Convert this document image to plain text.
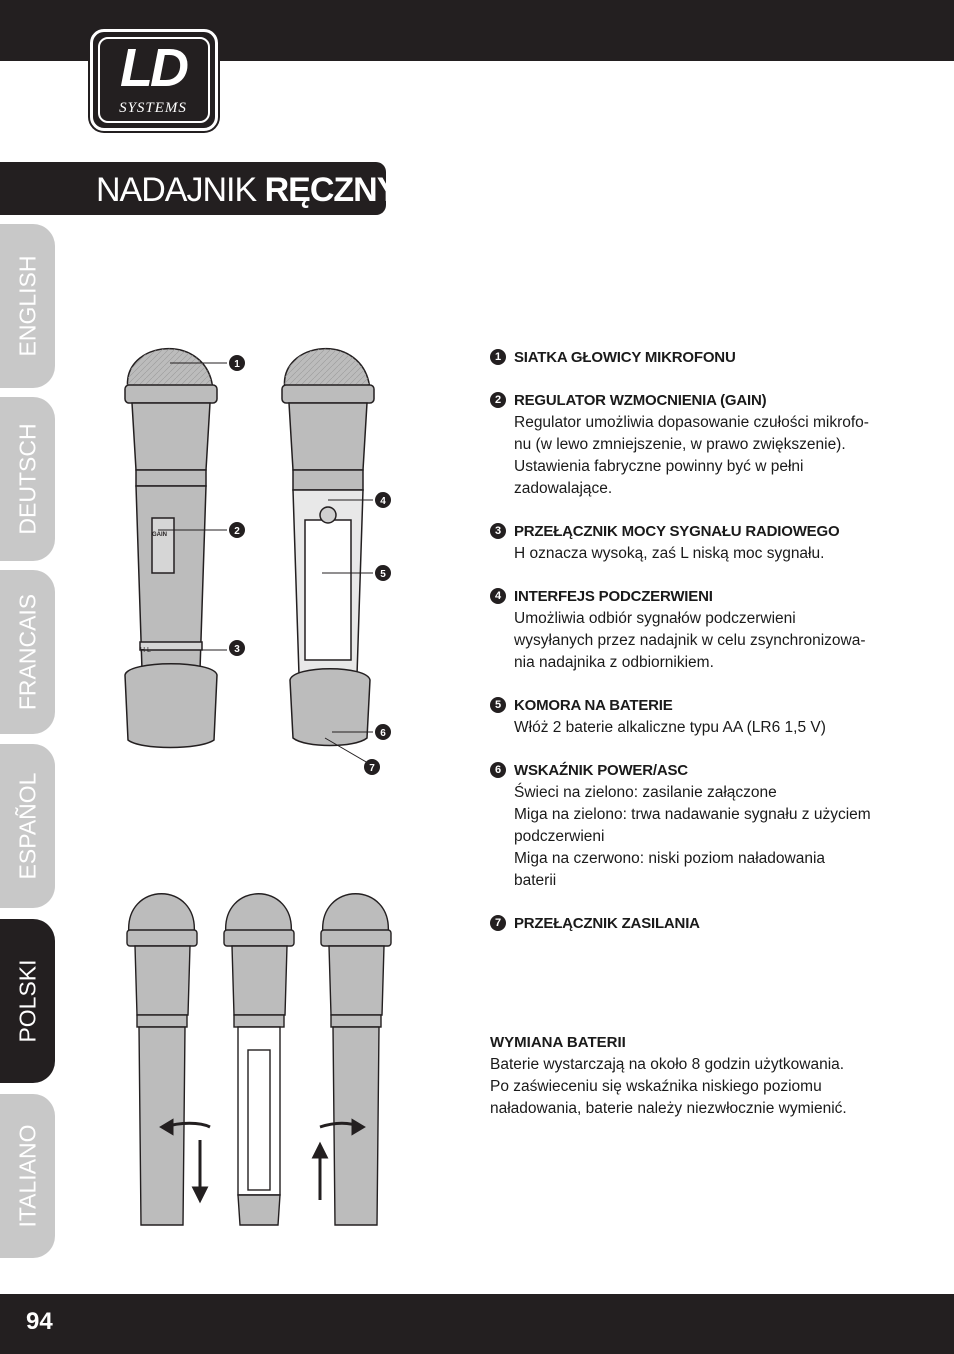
LD
SYSTEMS
NADAJNIK RĘCZNY:
ENGLISH
DEUTSCH
FRANCAIS
ESPAÑOL
POLSKI
ITALIANO
GAIN
H L
1
2
3
4
5
6
7
1 SIATKA GŁOWICY MIKROFONU
2 REGULATOR WZMOCNIENIA (GAIN)
Regulator umożliwia dopasowanie czułości mikrofo-
nu (w lewo zmniejszenie, w prawo zwiększenie).
Ustawienia fabryczne powinny być w pełni
zadowalające.
3 PRZEŁĄCZNIK MOCY SYGNAŁU RADIOWEGO
H oznacza wysoką, zaś L niską moc sygnału.
4 INTERFEJS PODCZERWIENI
Umożliwia odbiór sygnałów podczerwieni
wysyłanych przez nadajnik w celu zsynchronizowa-
nia nadajnika z odbiornikiem.
5 KOMORA NA BATERIE
Włóż 2 baterie alkaliczne typu AA (LR6 1,5 V)
6 WSKAŹNIK POWER/ASC
Świeci na zielono: zasilanie załączone
Miga na zielono: trwa nadawanie sygnału z użyciem
podczerwieni
Miga na czerwono: niski poziom naładowania
baterii
7 PRZEŁĄCZNIK ZASILANIA
WYMIANA BATERII
Baterie wystarczają na około 8 godzin użytkowania.
Po zaświeceniu się wskaźnika niskiego poziomu
naładowania, baterie należy niezwłocznie wymienić.
94
